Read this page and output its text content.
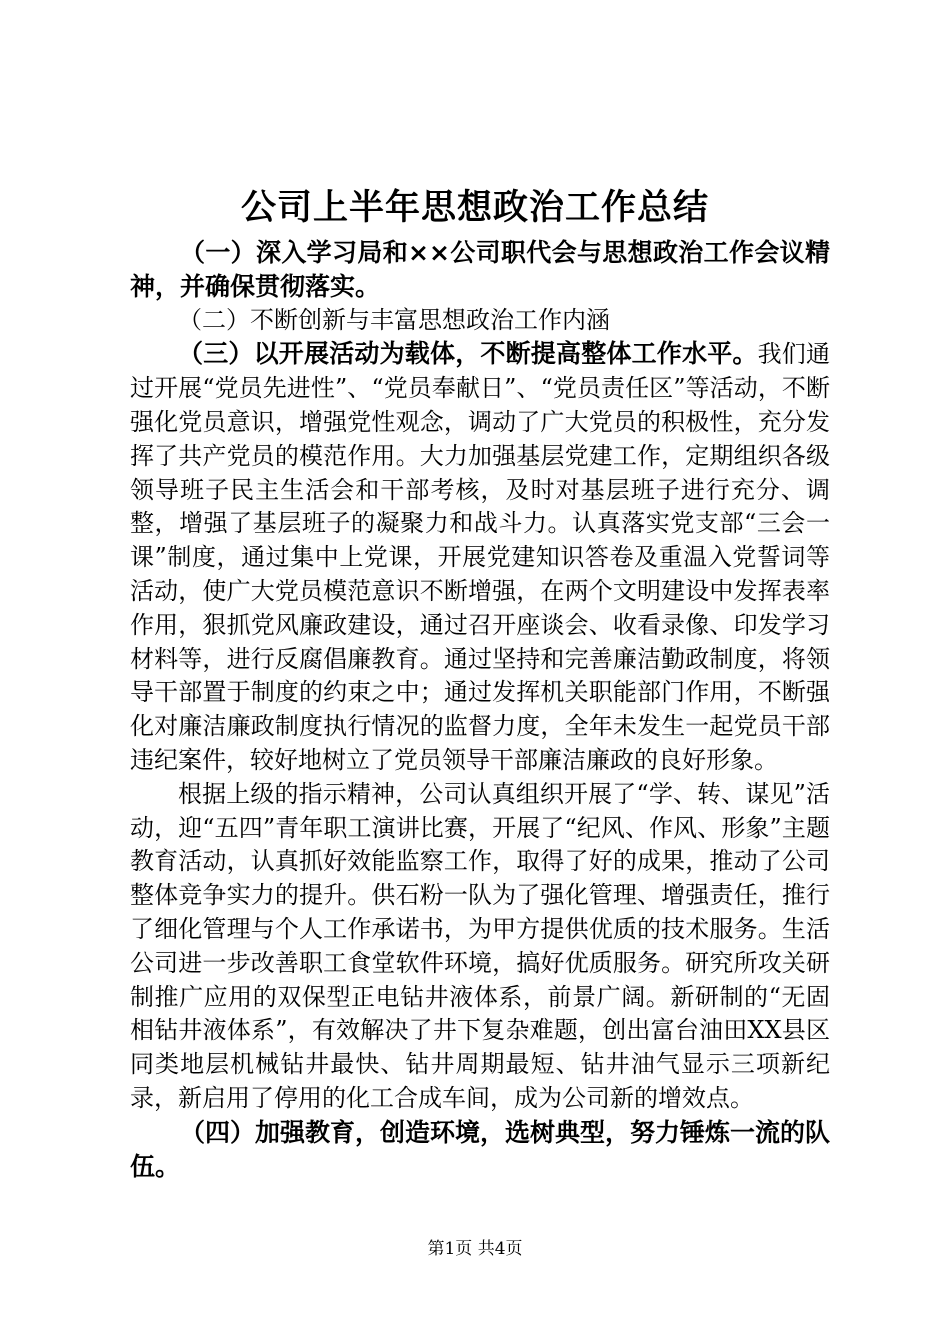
公司上半年思想政治工作总结

（一）深入学习局和××公司职代会与思想政治工作会议精神，并确保贯彻落实。

（二）不断创新与丰富思想政治工作内涵

（三）以开展活动为载体，不断提高整体工作水平。我们通过开展“党员先进性”、“党员奉献日”、“党员责任区”等活动，不断强化党员意识，增强党性观念，调动了广大党员的积极性，充分发挥了共产党员的模范作用。大力加强基层党建工作，定期组织各级领导班子民主生活会和干部考核，及时对基层班子进行充分、调整，增强了基层班子的凝聚力和战斗力。认真落实党支部“三会一课”制度，通过集中上党课，开展党建知识答卷及重温入党誓词等活动，使广大党员模范意识不断增强，在两个文明建设中发挥表率作用，狠抓党风廉政建设，通过召开座谈会、收看录像、印发学习材料等，进行反腐倡廉教育。通过坚持和完善廉洁勤政制度，将领导干部置于制度的约束之中；通过发挥机关职能部门作用，不断强化对廉洁廉政制度执行情况的监督力度，全年未发生一起党员干部违纪案件，较好地树立了党员领导干部廉洁廉政的良好形象。

根据上级的指示精神，公司认真组织开展了“学、转、谋见”活动，迎“五四”青年职工演讲比赛，开展了“纪风、作风、形象”主题教育活动，认真抓好效能监察工作，取得了好的成果，推动了公司整体竞争实力的提升。供石粉一队为了强化管理、增强责任，推行了细化管理与个人工作承诺书，为甲方提供优质的技术服务。生活公司进一步改善职工食堂软件环境，搞好优质服务。研究所攻关研制推广应用的双保型正电钻井液体系，前景广阔。新研制的“无固相钻井液体系”，有效解决了井下复杂难题，创出富台油田XX县区同类地层机械钻井最快、钻井周期最短、钻井油气显示三项新纪录，新启用了停用的化工合成车间，成为公司新的增效点。

（四）加强教育，创造环境，选树典型，努力锤炼一流的队伍。

第1页 共4页
